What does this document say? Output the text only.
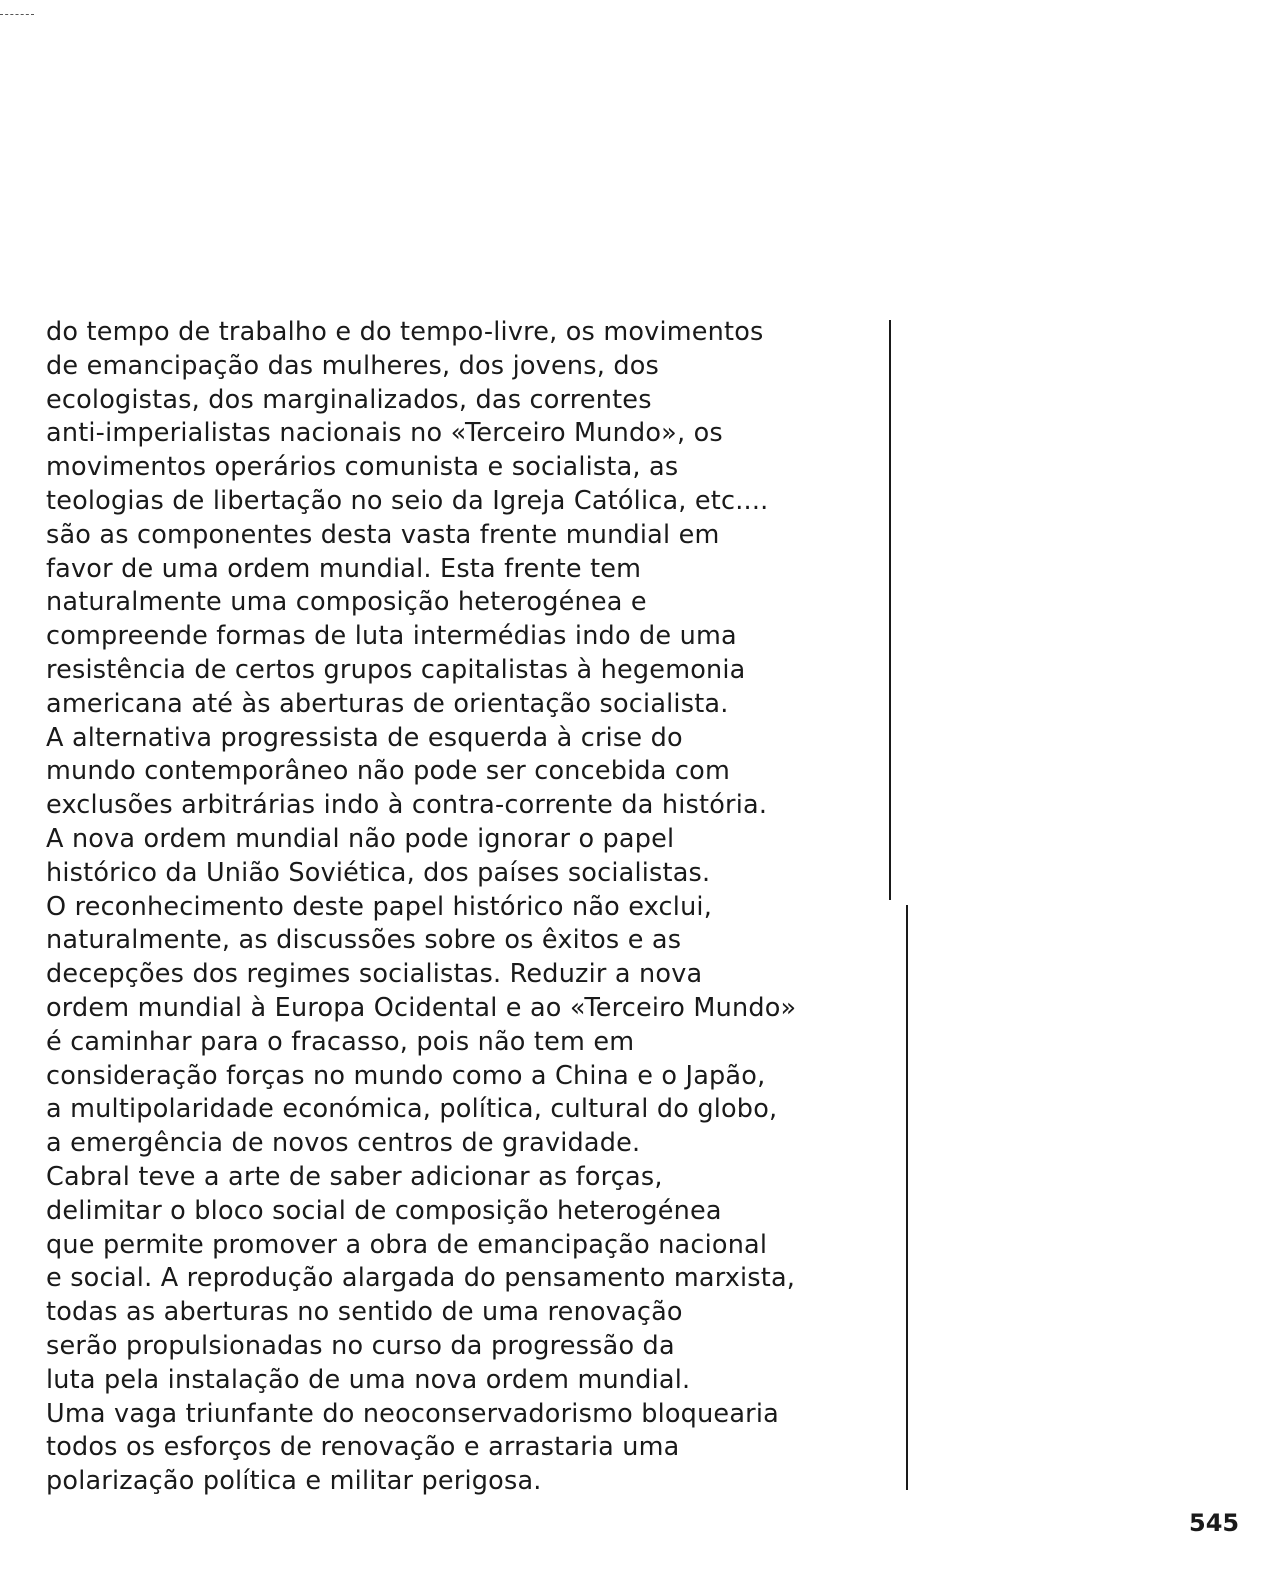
do tempo de trabalho e do tempo-livre, os movimentos
de emancipação das mulheres, dos jovens, dos
ecologistas, dos marginalizados, das correntes
anti-imperialistas nacionais no «Terceiro Mundo», os
movimentos operários comunista e socialista, as
teologias de libertação no seio da Igreja Católica, etc....
são as componentes desta vasta frente mundial em
favor de uma ordem mundial. Esta frente tem
naturalmente uma composição heterogénea e
compreende formas de luta intermédias indo de uma
resistência de certos grupos capitalistas à hegemonia
americana até às aberturas de orientação socialista.
A alternativa progressista de esquerda à crise do
mundo contemporâneo não pode ser concebida com
exclusões arbitrárias indo à contra-corrente da história.
A nova ordem mundial não pode ignorar o papel
histórico da União Soviética, dos países socialistas.
O reconhecimento deste papel histórico não exclui,
naturalmente, as discussões sobre os êxitos e as
decepções dos regimes socialistas. Reduzir a nova
ordem mundial à Europa Ocidental e ao «Terceiro Mundo»
é caminhar para o fracasso, pois não tem em
consideração forças no mundo como a China e o Japão,
a multipolaridade económica, política, cultural do globo,
a emergência de novos centros de gravidade.
Cabral teve a arte de saber adicionar as forças,
delimitar o bloco social de composição heterogénea
que permite promover a obra de emancipação nacional
e social. A reprodução alargada do pensamento marxista,
todas as aberturas no sentido de uma renovação
serão propulsionadas no curso da progressão da
luta pela instalação de uma nova ordem mundial.
Uma vaga triunfante do neoconservadorismo bloquearia
todos os esforços de renovação e arrastaria uma
polarização política e militar perigosa.
545
